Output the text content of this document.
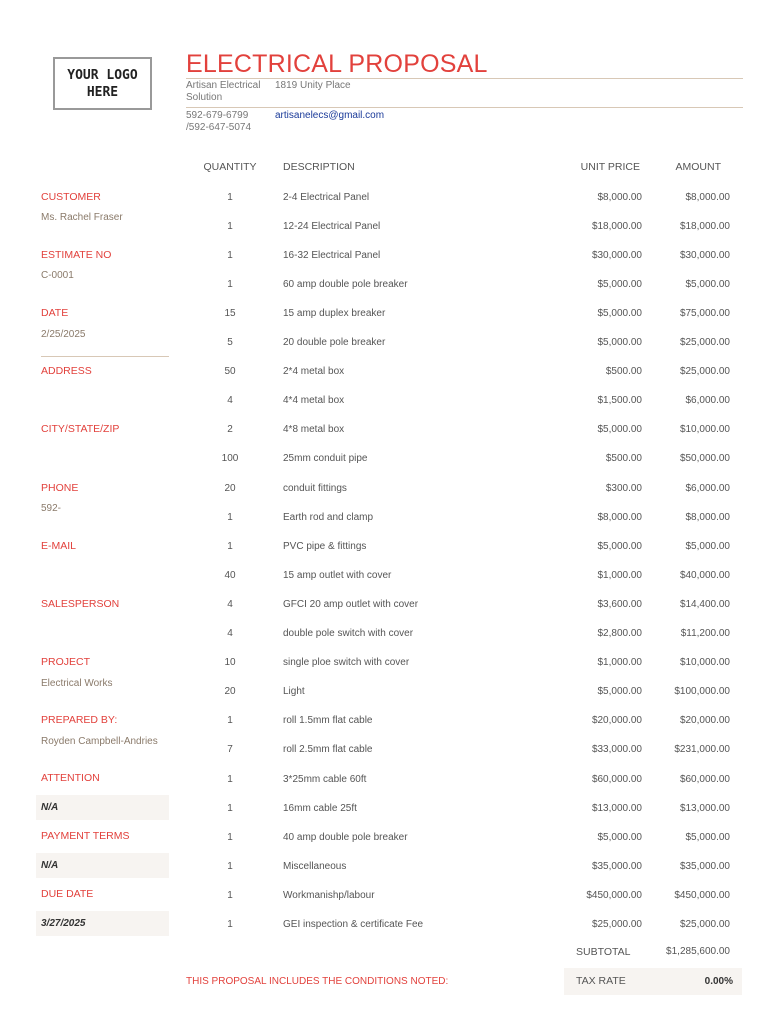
YOUR LOGO
HERE
ELECTRICAL PROPOSAL
Artisan Electrical Solution
1819 Unity Place
592-679-6799 /592-647-5074
artisanelecs@gmail.com
QUANTITY	DESCRIPTION	UNIT PRICE	AMOUNT
CUSTOMER
Ms. Rachel Fraser
ESTIMATE NO
C-0001
DATE
2/25/2025
ADDRESS
CITY/STATE/ZIP
PHONE
592-
E-MAIL
SALESPERSON
PROJECT
Electrical Works
PREPARED BY:
Royden Campbell-Andries
ATTENTION
N/A
PAYMENT TERMS
N/A
DUE DATE
3/27/2025
1	2-4 Electrical Panel	$8,000.00	$8,000.00
1	12-24 Electrical Panel	$18,000.00	$18,000.00
1	16-32 Electrical Panel	$30,000.00	$30,000.00
1	60 amp double pole breaker	$5,000.00	$5,000.00
15	15 amp duplex breaker	$5,000.00	$75,000.00
5	20 double pole breaker	$5,000.00	$25,000.00
50	2*4 metal box	$500.00	$25,000.00
4	4*4 metal box	$1,500.00	$6,000.00
2	4*8 metal box	$5,000.00	$10,000.00
100	25mm conduit pipe	$500.00	$50,000.00
20	conduit fittings	$300.00	$6,000.00
1	Earth rod and clamp	$8,000.00	$8,000.00
1	PVC pipe & fittings	$5,000.00	$5,000.00
40	15 amp outlet with cover	$1,000.00	$40,000.00
4	GFCI 20 amp outlet with cover	$3,600.00	$14,400.00
4	double pole switch with cover	$2,800.00	$11,200.00
10	single ploe switch with cover	$1,000.00	$10,000.00
20	Light	$5,000.00	$100,000.00
1	roll 1.5mm flat cable	$20,000.00	$20,000.00
7	roll 2.5mm flat cable	$33,000.00	$231,000.00
1	3*25mm cable 60ft	$60,000.00	$60,000.00
1	16mm cable 25ft	$13,000.00	$13,000.00
1	40 amp double pole breaker	$5,000.00	$5,000.00
1	Miscellaneous	$35,000.00	$35,000.00
1	Workmanishp/labour	$450,000.00	$450,000.00
1	GEI inspection & certificate Fee	$25,000.00	$25,000.00
SUBTOTAL	$1,285,600.00
TAX RATE	0.00%
THIS PROPOSAL INCLUDES THE CONDITIONS NOTED:
